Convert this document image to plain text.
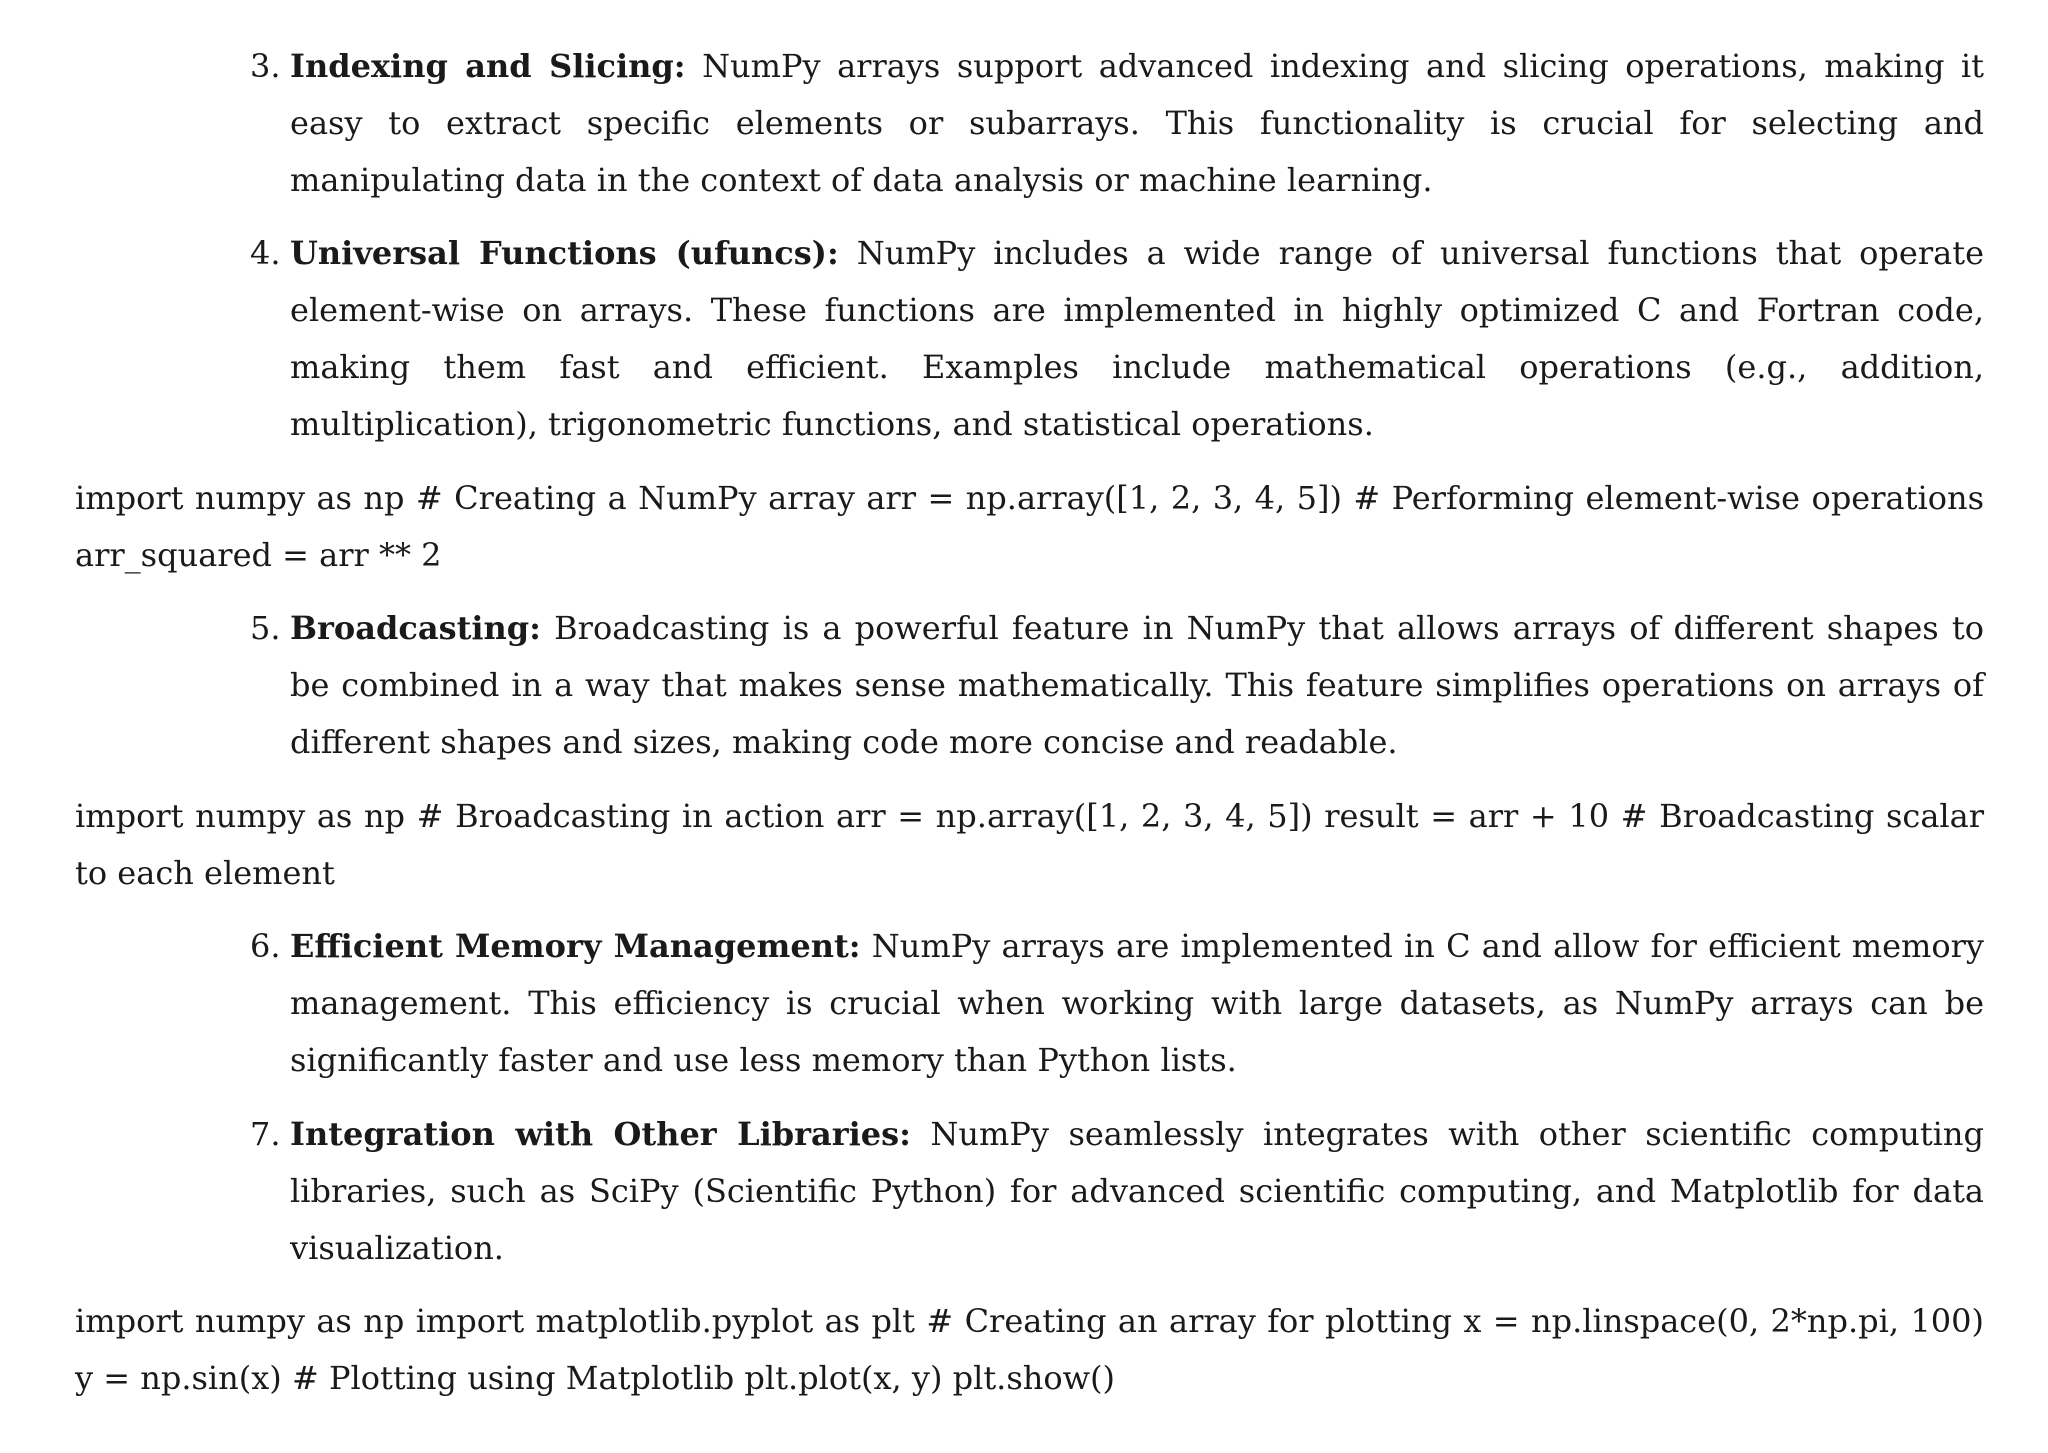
3. Indexing and Slicing: NumPy arrays support advanced indexing and slicing operations, making it easy to extract specific elements or subarrays. This functionality is crucial for selecting and manipulating data in the context of data analysis or machine learning.
4. Universal Functions (ufuncs): NumPy includes a wide range of universal functions that operate element-wise on arrays. These functions are implemented in highly optimized C and Fortran code, making them fast and efficient. Examples include mathematical operations (e.g., addition, multiplication), trigonometric functions, and statistical operations.
import numpy as np # Creating a NumPy array arr = np.array([1, 2, 3, 4, 5]) # Performing element-wise operations arr_squared = arr ** 2
5. Broadcasting: Broadcasting is a powerful feature in NumPy that allows arrays of different shapes to be combined in a way that makes sense mathematically. This feature simplifies operations on arrays of different shapes and sizes, making code more concise and readable.
import numpy as np # Broadcasting in action arr = np.array([1, 2, 3, 4, 5]) result = arr + 10 # Broadcasting scalar to each element
6. Efficient Memory Management: NumPy arrays are implemented in C and allow for efficient memory management. This efficiency is crucial when working with large datasets, as NumPy arrays can be significantly faster and use less memory than Python lists.
7. Integration with Other Libraries: NumPy seamlessly integrates with other scientific computing libraries, such as SciPy (Scientific Python) for advanced scientific computing, and Matplotlib for data visualization.
import numpy as np import matplotlib.pyplot as plt # Creating an array for plotting x = np.linspace(0, 2*np.pi, 100) y = np.sin(x) # Plotting using Matplotlib plt.plot(x, y) plt.show()
